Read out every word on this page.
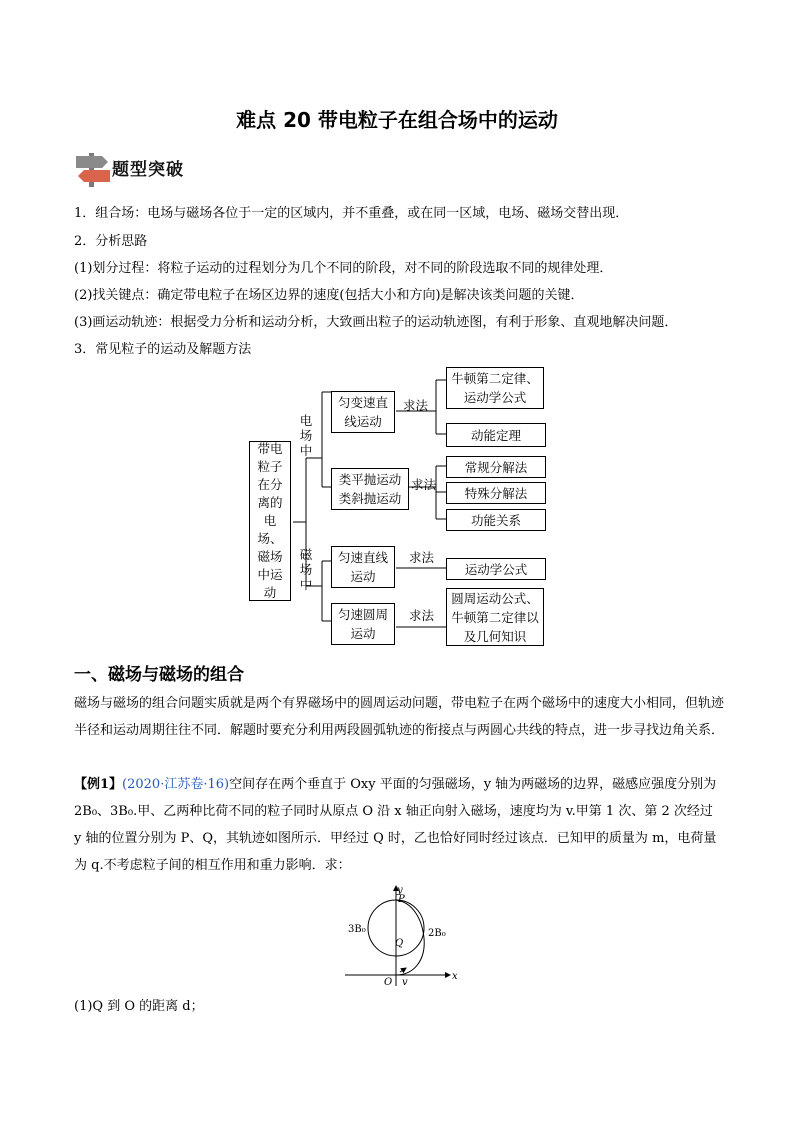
难点 20 带电粒子在组合场中的运动
题型突破
1．组合场：电场与磁场各位于一定的区域内，并不重叠，或在同一区域，电场、磁场交替出现．
2．分析思路
(1)划分过程：将粒子运动的过程划分为几个不同的阶段，对不同的阶段选取不同的规律处理．
(2)找关键点：确定带电粒子在场区边界的速度(包括大小和方向)是解决该类问题的关键．
(3)画运动轨迹：根据受力分析和运动分析，大致画出粒子的运动轨迹图，有利于形象、直观地解决问题．
3．常见粒子的运动及解题方法
带电粒子在分离的电场、磁场中运动
电场中
磁场中
匀变速直线运动
类平抛运动类斜抛运动
匀速直线运动
匀速圆周运动
求法
求法
求法
求法
牛顿第二定律、运动学公式
动能定理
常规分解法
特殊分解法
功能关系
运动学公式
圆周运动公式、牛顿第二定律以及几何知识
一、磁场与磁场的组合
磁场与磁场的组合问题实质就是两个有界磁场中的圆周运动问题，带电粒子在两个磁场中的速度大小相同，但轨迹半径和运动周期往往不同．解题时要充分利用两段圆弧轨迹的衔接点与两圆心共线的特点，进一步寻找边角关系．
【例1】(2020·江苏卷·16)空间存在两个垂直于 Oxy 平面的匀强磁场，y 轴为两磁场的边界，磁感应强度分别为 2B₀、3B₀.甲、乙两种比荷不同的粒子同时从原点 O 沿 x 轴正向射入磁场，速度均为 v.甲第 1 次、第 2 次经过 y 轴的位置分别为 P、Q，其轨迹如图所示．甲经过 Q 时，乙也恰好同时经过该点．已知甲的质量为 m，电荷量为 q.不考虑粒子间的相互作用和重力影响．求：
y
x
O
P
Q
v
3B₀	2B₀
(1)Q 到 O 的距离 d；
